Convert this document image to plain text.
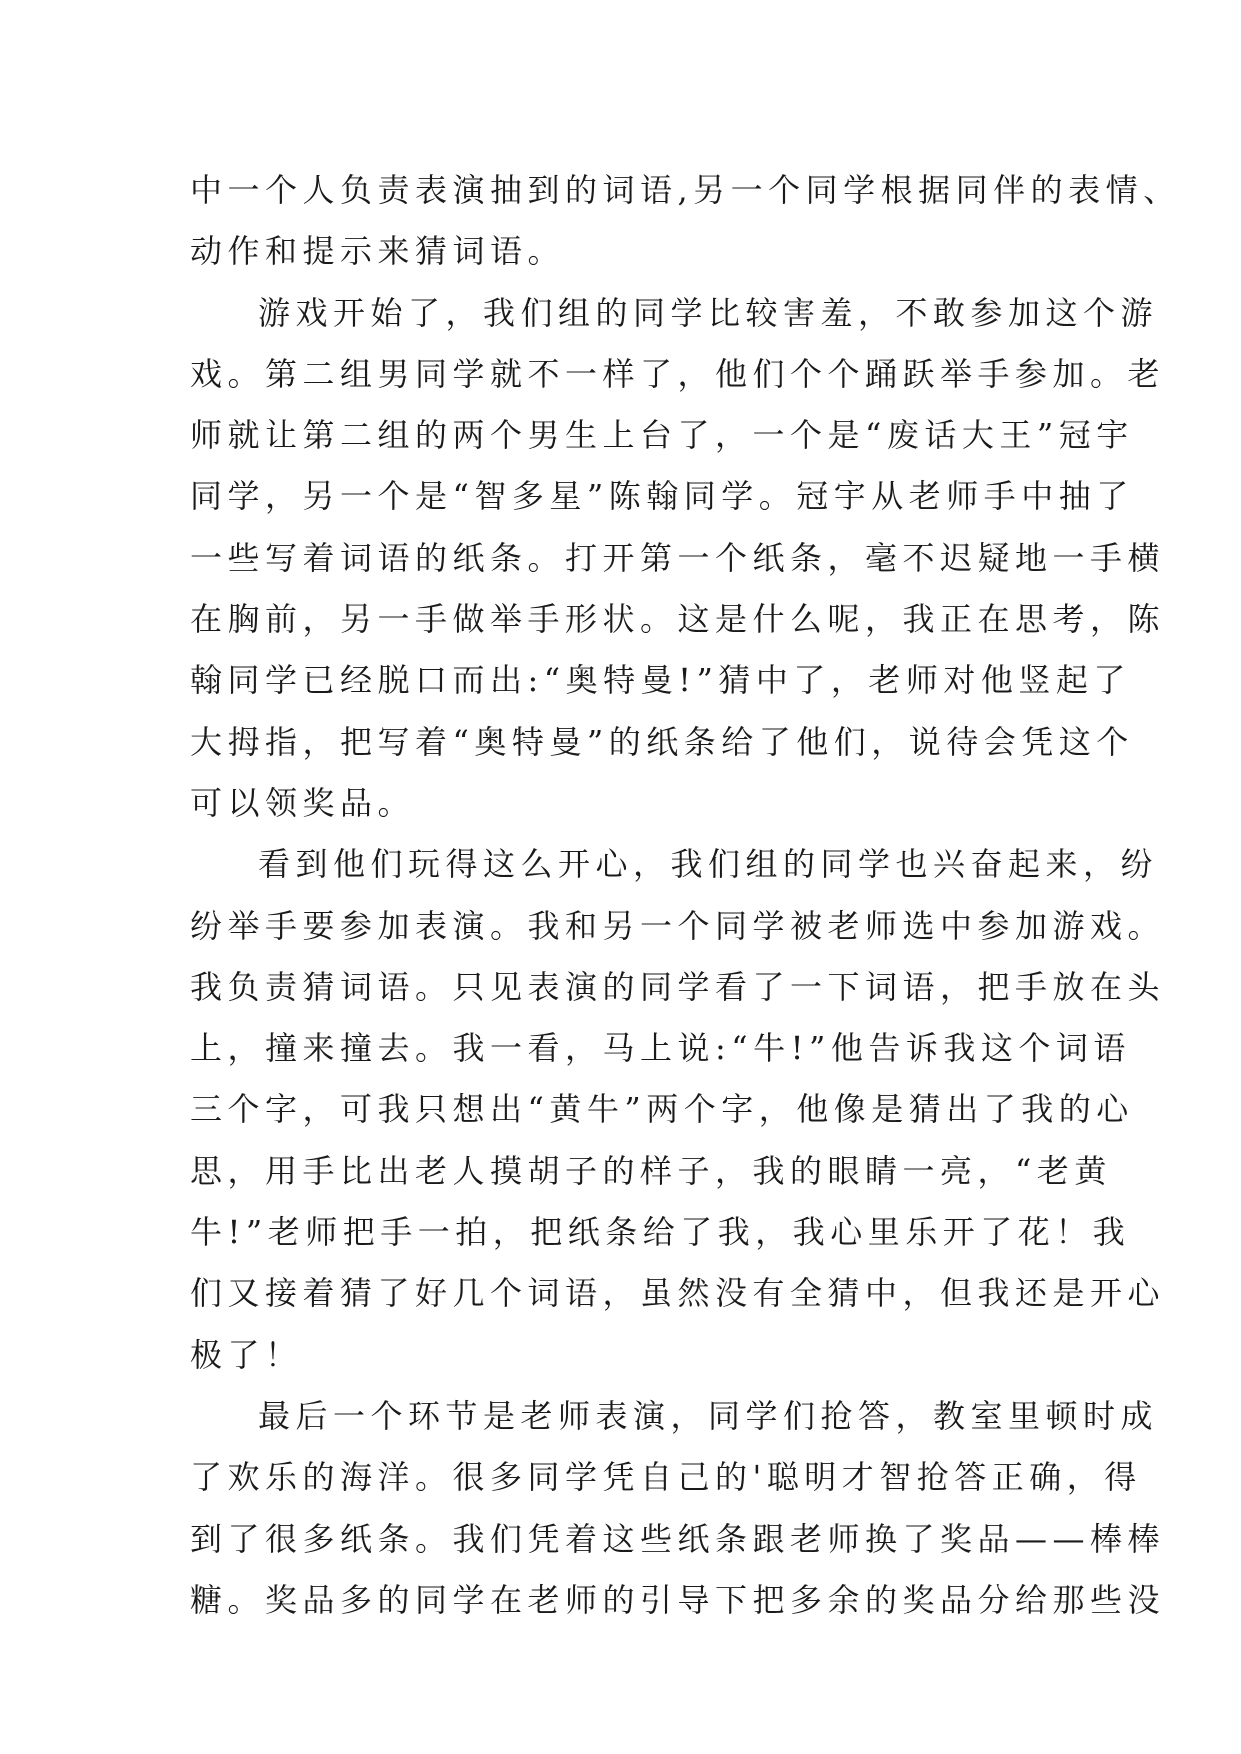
中一个人负责表演抽到的词语,另一个同学根据同伴的表情、
动作和提示来猜词语。
游戏开始了，我们组的同学比较害羞，不敢参加这个游
戏。第二组男同学就不一样了，他们个个踊跃举手参加。老
师就让第二组的两个男生上台了，一个是“废话大王”冠宇
同学，另一个是“智多星”陈翰同学。冠宇从老师手中抽了
一些写着词语的纸条。打开第一个纸条，毫不迟疑地一手横
在胸前，另一手做举手形状。这是什么呢，我正在思考，陈
翰同学已经脱口而出:“奥特曼!”猜中了，老师对他竖起了
大拇指，把写着“奥特曼”的纸条给了他们，说待会凭这个
可以领奖品。
看到他们玩得这么开心，我们组的同学也兴奋起来，纷
纷举手要参加表演。我和另一个同学被老师选中参加游戏。
我负责猜词语。只见表演的同学看了一下词语，把手放在头
上，撞来撞去。我一看，马上说:“牛!”他告诉我这个词语
三个字，可我只想出“黄牛”两个字，他像是猜出了我的心
思，用手比出老人摸胡子的样子，我的眼睛一亮，“老黄
牛!”老师把手一拍，把纸条给了我，我心里乐开了花！我
们又接着猜了好几个词语，虽然没有全猜中，但我还是开心
极了！
最后一个环节是老师表演，同学们抢答，教室里顿时成
了欢乐的海洋。很多同学凭自己的'聪明才智抢答正确，得
到了很多纸条。我们凭着这些纸条跟老师换了奖品——棒棒
糖。奖品多的同学在老师的引导下把多余的奖品分给那些没
